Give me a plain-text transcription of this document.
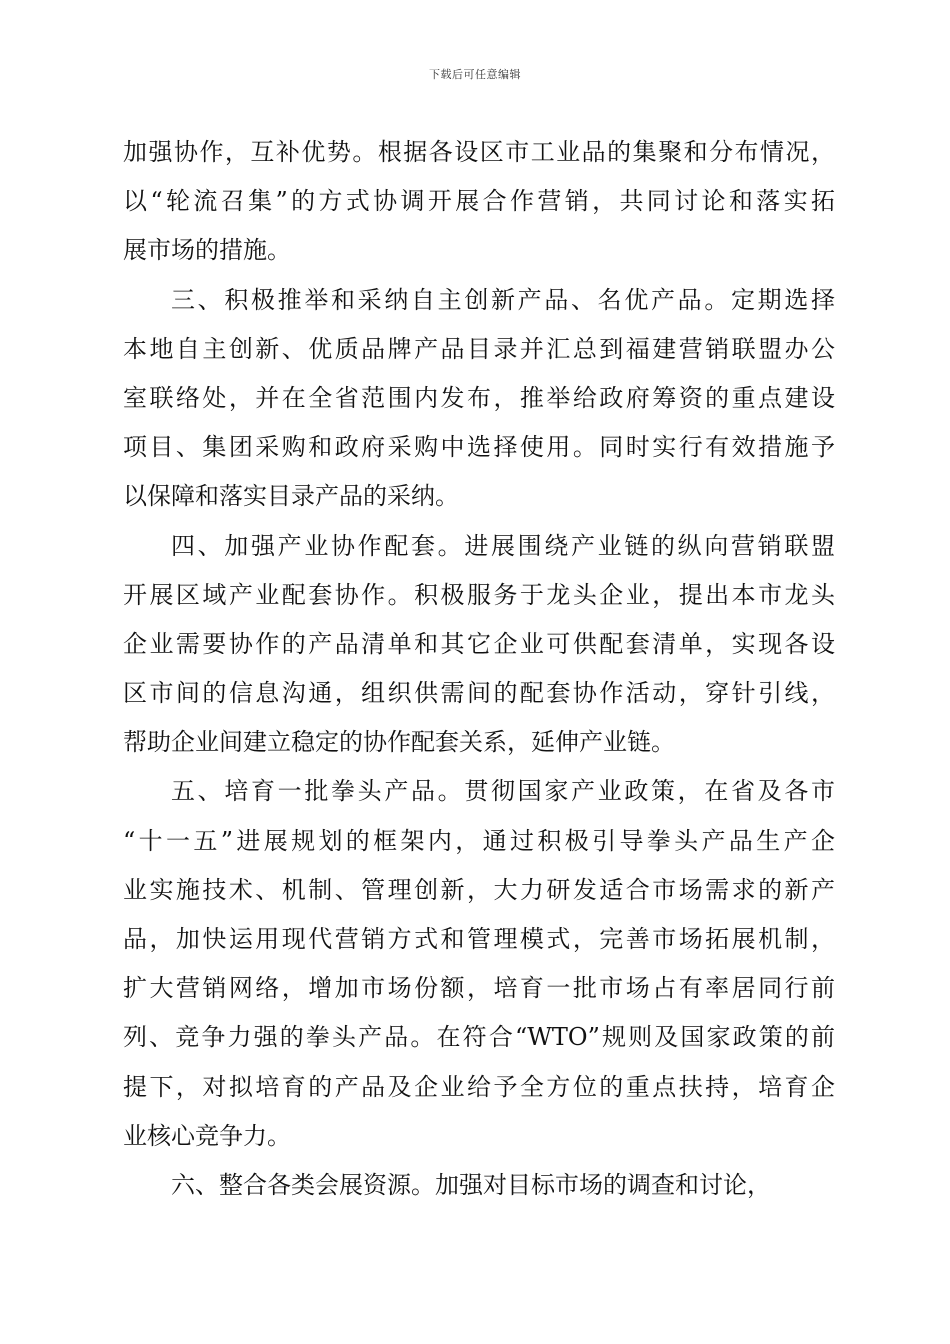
下载后可任意编辑
加强协作，互补优势。根据各设区市工业品的集聚和分布情况，
以“轮流召集”的方式协调开展合作营销，共同讨论和落实拓
展市场的措施。
三、积极推举和采纳自主创新产品、名优产品。定期选择
本地自主创新、优质品牌产品目录并汇总到福建营销联盟办公
室联络处，并在全省范围内发布，推举给政府筹资的重点建设
项目、集团采购和政府采购中选择使用。同时实行有效措施予
以保障和落实目录产品的采纳。
四、加强产业协作配套。进展围绕产业链的纵向营销联盟
开展区域产业配套协作。积极服务于龙头企业，提出本市龙头
企业需要协作的产品清单和其它企业可供配套清单，实现各设
区市间的信息沟通，组织供需间的配套协作活动，穿针引线，
帮助企业间建立稳定的协作配套关系，延伸产业链。
五、培育一批拳头产品。贯彻国家产业政策，在省及各市
“十一五”进展规划的框架内，通过积极引导拳头产品生产企
业实施技术、机制、管理创新，大力研发适合市场需求的新产
品，加快运用现代营销方式和管理模式，完善市场拓展机制，
扩大营销网络，增加市场份额，培育一批市场占有率居同行前
列、竞争力强的拳头产品。在符合“WTO”规则及国家政策的前
提下，对拟培育的产品及企业给予全方位的重点扶持，培育企
业核心竞争力。
六、整合各类会展资源。加强对目标市场的调查和讨论，
